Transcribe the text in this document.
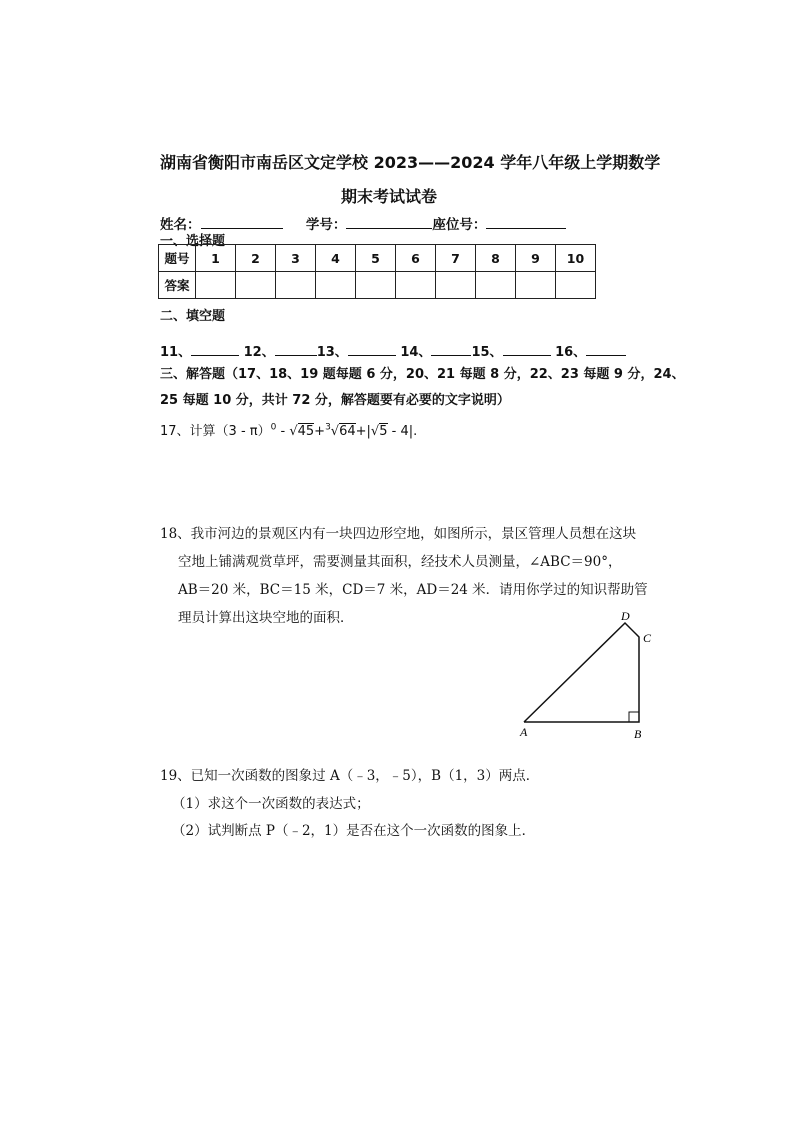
湖南省衡阳市南岳区文定学校 2023——2024 学年八年级上学期数学
期末考试试卷
姓名：	学号：	座位号：
一、选择题
题号	1	2	3	4	5	6	7	8	9	10
答案										
二、填空题
11、	12、	13、	14、	15、	16、
三、解答题（17、18、19 题每题 6 分，20、21 每题 8 分，22、23 每题 9 分，24、
25 每题 10 分，共计 72 分，解答题要有必要的文字说明）
17、计算（3 - π）$^0$ - √45+$^3$√64+|√5 - 4|.
18、我市河边的景观区内有一块四边形空地，如图所示，景区管理人员想在这块
空地上铺满观赏草坪，需要测量其面积，经技术人员测量，∠ABC＝90°，
AB＝20 米，BC＝15 米，CD＝7 米，AD＝24 米．请用你学过的知识帮助管
理员计算出这块空地的面积．
A	B
C
D
19、已知一次函数的图象过 A（﹣3，﹣5），B（1，3）两点．
（1）求这个一次函数的表达式；
（2）试判断点 P（﹣2，1）是否在这个一次函数的图象上．
